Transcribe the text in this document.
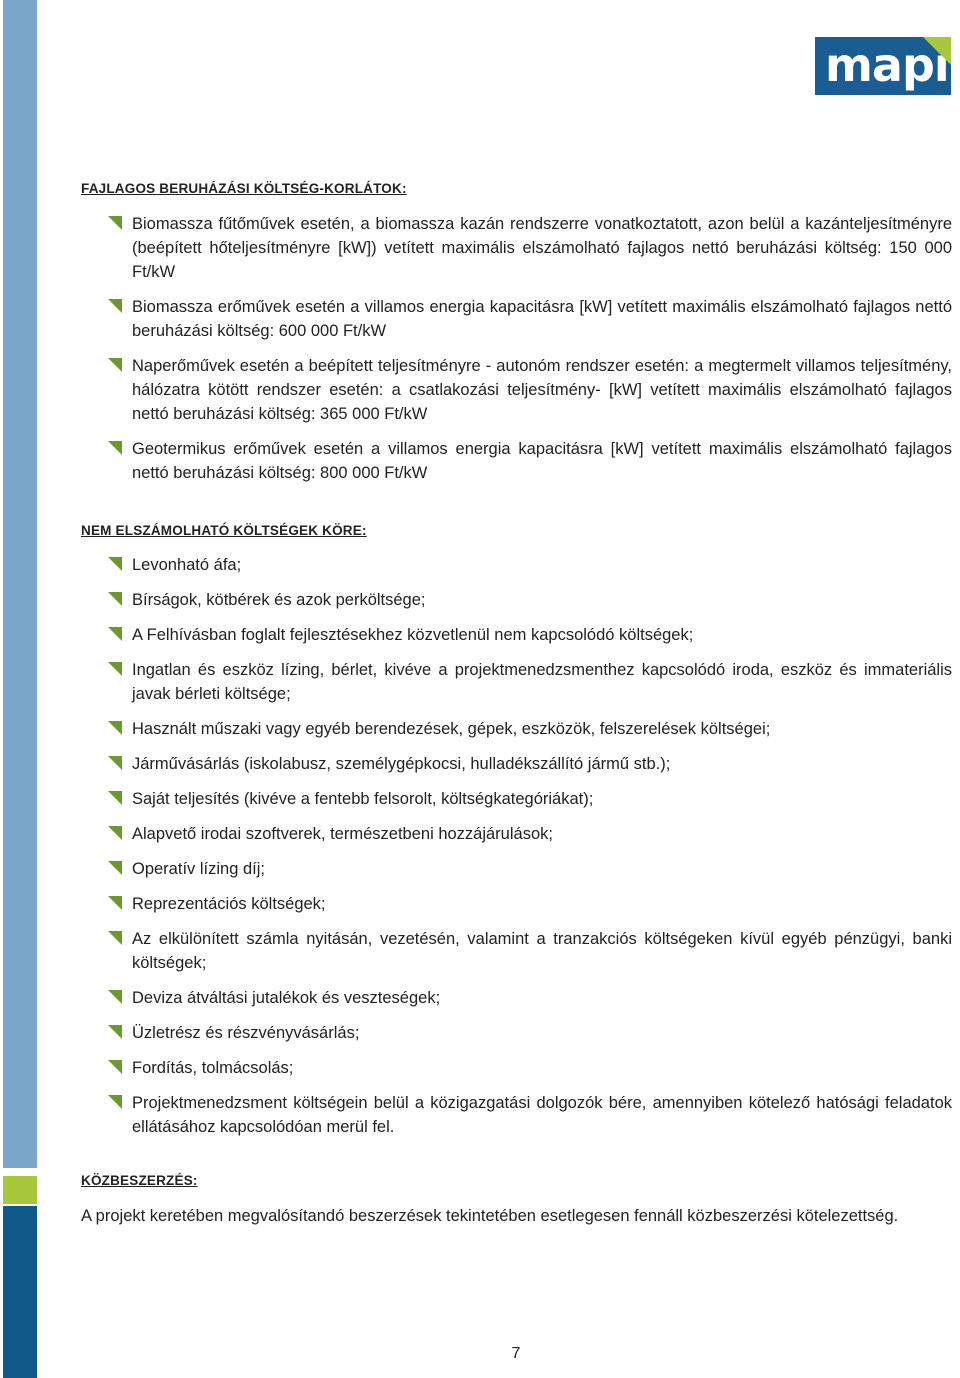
mapi
FAJLAGOS BERUHÁZÁSI KÖLTSÉG-KORLÁTOK:
Biomassza fűtőművek esetén, a biomassza kazán rendszerre vonatkoztatott, azon belül a kazánteljesítményre (beépített hőteljesítményre [kW]) vetített maximális elszámolható fajlagos nettó beruházási költség: 150 000 Ft/kW
Biomassza erőművek esetén a villamos energia kapacitásra [kW] vetített maximális elszámolható fajlagos nettó beruházási költség: 600 000 Ft/kW
Naperőművek esetén a beépített teljesítményre - autonóm rendszer esetén: a megtermelt villamos teljesítmény, hálózatra kötött rendszer esetén: a csatlakozási teljesítmény- [kW] vetített maximális elszámolható fajlagos nettó beruházási költség: 365 000 Ft/kW
Geotermikus erőművek esetén a villamos energia kapacitásra [kW] vetített maximális elszámolható fajlagos nettó beruházási költség: 800 000 Ft/kW
NEM ELSZÁMOLHATÓ KÖLTSÉGEK KÖRE:
Levonható áfa;
Bírságok, kötbérek és azok perköltsége;
A Felhívásban foglalt fejlesztésekhez közvetlenül nem kapcsolódó költségek;
Ingatlan és eszköz lízing, bérlet, kivéve a projektmenedzsmenthez kapcsolódó iroda, eszköz és immateriális javak bérleti költsége;
Használt műszaki vagy egyéb berendezések, gépek, eszközök, felszerelések költségei;
Járművásárlás (iskolabusz, személygépkocsi, hulladékszállító jármű stb.);
Saját teljesítés (kivéve a fentebb felsorolt, költségkategóriákat);
Alapvető irodai szoftverek, természetbeni hozzájárulások;
Operatív lízing díj;
Reprezentációs költségek;
Az elkülönített számla nyitásán, vezetésén, valamint a tranzakciós költségeken kívül egyéb pénzügyi, banki költségek;
Deviza átváltási jutalékok és veszteségek;
Üzletrész és részvényvásárlás;
Fordítás, tolmácsolás;
Projektmenedzsment költségein belül a közigazgatási dolgozók bére, amennyiben kötelező hatósági feladatok ellátásához kapcsolódóan merül fel.
KÖZBESZERZÉS:
A projekt keretében megvalósítandó beszerzések tekintetében esetlegesen fennáll közbeszerzési kötelezettség.
7
